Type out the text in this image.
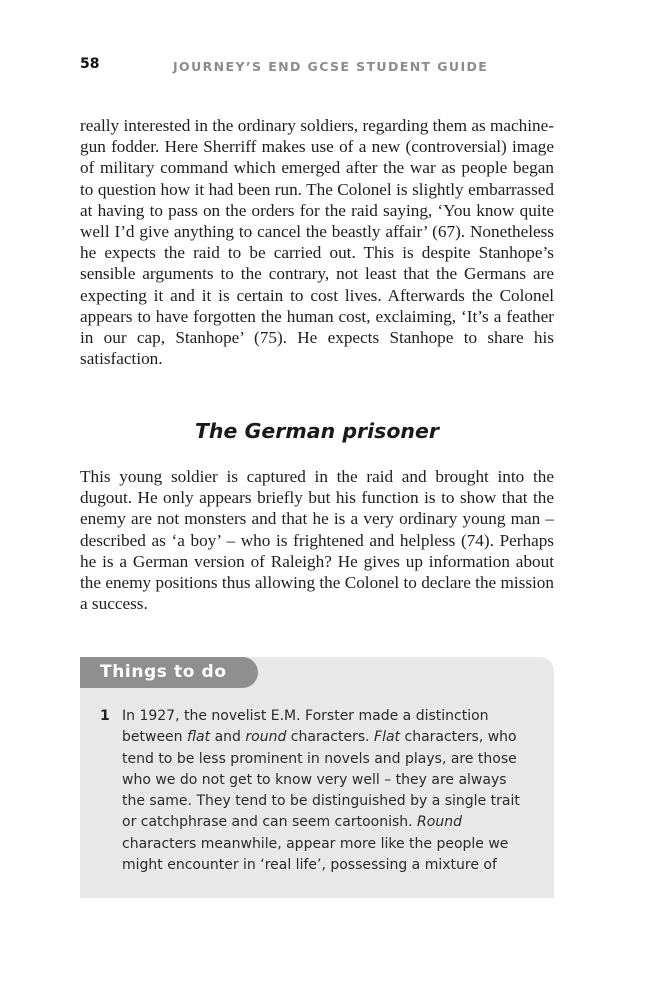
58	JOURNEY’S END GCSE STUDENT GUIDE

really interested in the ordinary soldiers, regarding them as machine-gun fodder. Here Sherriff makes use of a new (controversial) image of military command which emerged after the war as people began to question how it had been run. The Colonel is slightly embarrassed at having to pass on the orders for the raid saying, ‘You know quite well I’d give anything to cancel the beastly affair’ (67). Nonetheless he expects the raid to be carried out. This is despite Stanhope’s sensible arguments to the contrary, not least that the Germans are expecting it and it is certain to cost lives. Afterwards the Colonel appears to have forgotten the human cost, exclaiming, ‘It’s a feather in our cap, Stanhope’ (75). He expects Stanhope to share his satisfaction.

The German prisoner

This young soldier is captured in the raid and brought into the dugout. He only appears briefly but his function is to show that the enemy are not monsters and that he is a very ordinary young man – described as ‘a boy’ – who is frightened and helpless (74). Perhaps he is a German version of Raleigh? He gives up information about the enemy positions thus allowing the Colonel to declare the mission a success.

Things to do
1 In 1927, the novelist E.M. Forster made a distinction
between flat and round characters. Flat characters, who
tend to be less prominent in novels and plays, are those
who we do not get to know very well – they are always
the same. They tend to be distinguished by a single trait
or catchphrase and can seem cartoonish. Round
characters meanwhile, appear more like the people we
might encounter in ‘real life’, possessing a mixture of
